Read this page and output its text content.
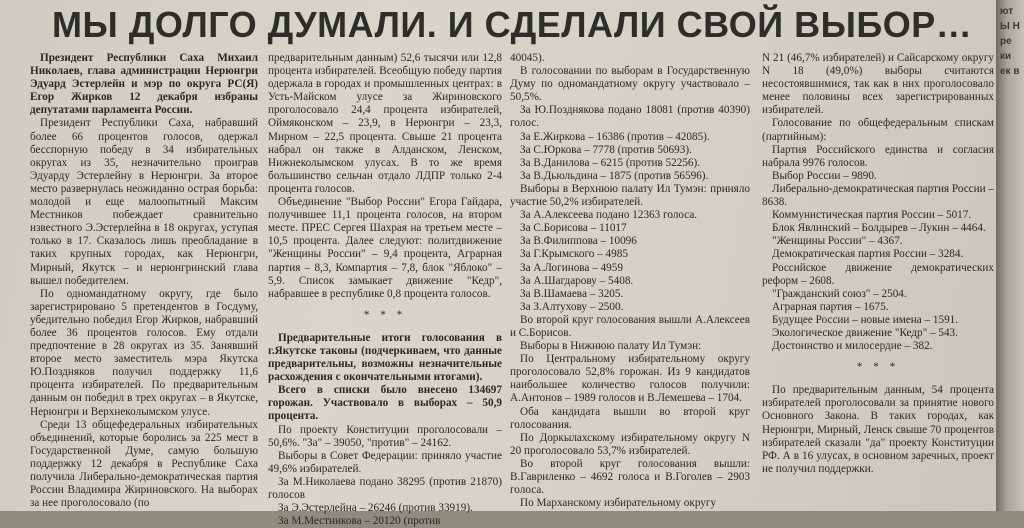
МЫ ДОЛГО ДУМАЛИ. И СДЕЛАЛИ СВОЙ ВЫБОР…

Президент Республики Саха Михаил Николаев, глава администрации Нерюнгри Эдуард Эстерлейн и мэр по округа РС(Я) Егор Жирков 12 декабря избраны депутатами парламента России.

Президент Республики Саха, набравший более 66 процентов голосов, одержал бесспорную победу в 34 избирательных округах из 35, незначительно проиграв Эдуарду Эстерлейну в Нерюнгри. За второе место развернулась неожиданно острая борьба: молодой и еще малоопытный Максим Местников побеждает сравнительно известного Э.Эстерлейна в 18 округах, уступая только в 17. Сказалось лишь преобладание в таких крупных городах, как Нерюнгри, Мирный, Якутск – и нерюнгринский глава вышел победителем.

По одномандатному округу, где было зарегистрировано 5 претендентов в Госдуму, убедительно победил Егор Жирков, набравший более 36 процентов голосов. Ему отдали предпочтение в 28 округах из 35. Занявший второе место заместитель мэра Якутска Ю.Поздняков получил поддержку 11,6 процента избирателей. По предварительным данным он победил в трех округах – в Якутске, Нерюнгри и Верхнеколымском улусе.

Среди 13 общефедеральных избирательных объединений, которые боролись за 225 мест в Государственной Думе, самую большую поддержку 12 декабря в Республике Саха получила Либерально-демократическая партия России Владимира Жириновского. На выборах за нее проголосовало (по

предварительным данным) 52,6 тысячи или 12,8 процента избирателей. Всеобщую победу партия одержала в городах и промышленных центрах: в Усть-Майском улусе за Жириновского проголосовало 24,4 процента избирателей, Оймяконском – 23,9, в Нерюнгри – 23,3, Мирном – 22,5 процента. Свыше 21 процента набрал он также в Алданском, Ленском, Нижнеколымском улусах. В то же время большинство сельчан отдало ЛДПР только 2-4 процента голосов.

Объединение "Выбор России" Егора Гайдара, получившее 11,1 процента голосов, на втором месте. ПРЕС Сергея Шахрая на третьем месте – 10,5 процента. Далее следуют: политдвижение "Женщины России" – 9,4 процента, Аграрная партия – 8,3, Компартия – 7,8, блок "Яблоко" – 5,9. Список замыкает движение "Кедр", набравшее в республике 0,8 процента голосов.

* * *

Предварительные итоги голосования в г.Якутске таковы (подчеркиваем, что данные предварительны, возможны незначительные расхождения с окончательными итогами).

Всего в списки было внесено 134697 горожан. Участвовало в выборах – 50,9 процента.

По проекту Конституции проголосовали – 50,6%. "За" – 39050, "против" – 24162.

Выборы в Совет Федерации: приняло участие 49,6% избирателей.

За М.Николаева подано 38295 (против 21870) голосов

За Э.Эстерлейна – 26246 (против 33919).

За М.Местникова – 20120 (против

40045).

В голосовании по выборам в Государственную Думу по одномандатному округу участвовало – 50,5%.

За Ю.Позднякова подано 18081 (против 40390) голос.

За Е.Жиркова – 16386 (против – 42085).

За С.Юркова – 7778 (против 50693).

За В.Данилова – 6215 (против 52256).

За В.Дьюльдина – 1875 (против 56596).

Выборы в Верхнюю палату Ил Тумэн: приняло участие 50,2% избирателей.

За А.Алексеева подано 12363 голоса.

За С.Борисова – 11017

За В.Филиппова – 10096

За Г.Крымского – 4985

За А.Логинова – 4959

За А.Шагдарову – 5408.

За В.Шамаева – 3205.

За З.Алтухову – 2500.

Во второй круг голосования вышли А.Алексеев и С.Борисов.

Выборы в Нижнюю палату Ил Тумэн:

По Центральному избирательному округу проголосовало 52,8% горожан. Из 9 кандидатов наибольшее количество голосов получили: А.Антонов – 1989 голосов и В.Лемешева – 1704.

Оба кандидата вышли во второй круг голосования.

По Доркылахскому избирательному округу N 20 проголосовало 53,7% избирателей.

Во второй круг голосования вышли: В.Гавриленко – 4692 голоса и В.Гоголев – 2903 голоса.

По Марханскому избирательному округу

N 21 (46,7% избирателей) и Сайсарскому округу N 18 (49,0%) выборы считаются несостоявшимися, так как в них проголосовало менее половины всех зарегистрированных избирателей.

Голосование по общефедеральным спискам (партийным):

Партия Российского единства и согласия набрала 9976 голосов.

Выбор России – 9890.

Либерально-демократическая партия России – 8638.

Коммунистическая партия России – 5017.

Блок Явлинский – Болдырев – Лукин – 4464.

"Женщины России" – 4367.

Демократическая партия России – 3284.

Российское движение демократических реформ – 2608.

"Гражданский союз" – 2504.

Аграрная партия – 1675.

Будущее России – новые имена – 1591.

Экологическое движение "Кедр" – 543.

Достоинство и милосердие – 382.

* * *

По предварительным данным, 54 процента избирателей проголосовали за принятие нового Основного Закона. В таких городах, как Нерюнгри, Мирный, Ленск свыше 70 процентов избирателей сказали "да" проекту Конституции РФ. А в 16 улусах, в основном заречных, проект не получил поддержки.

ют Ы Н ре ки ек в
